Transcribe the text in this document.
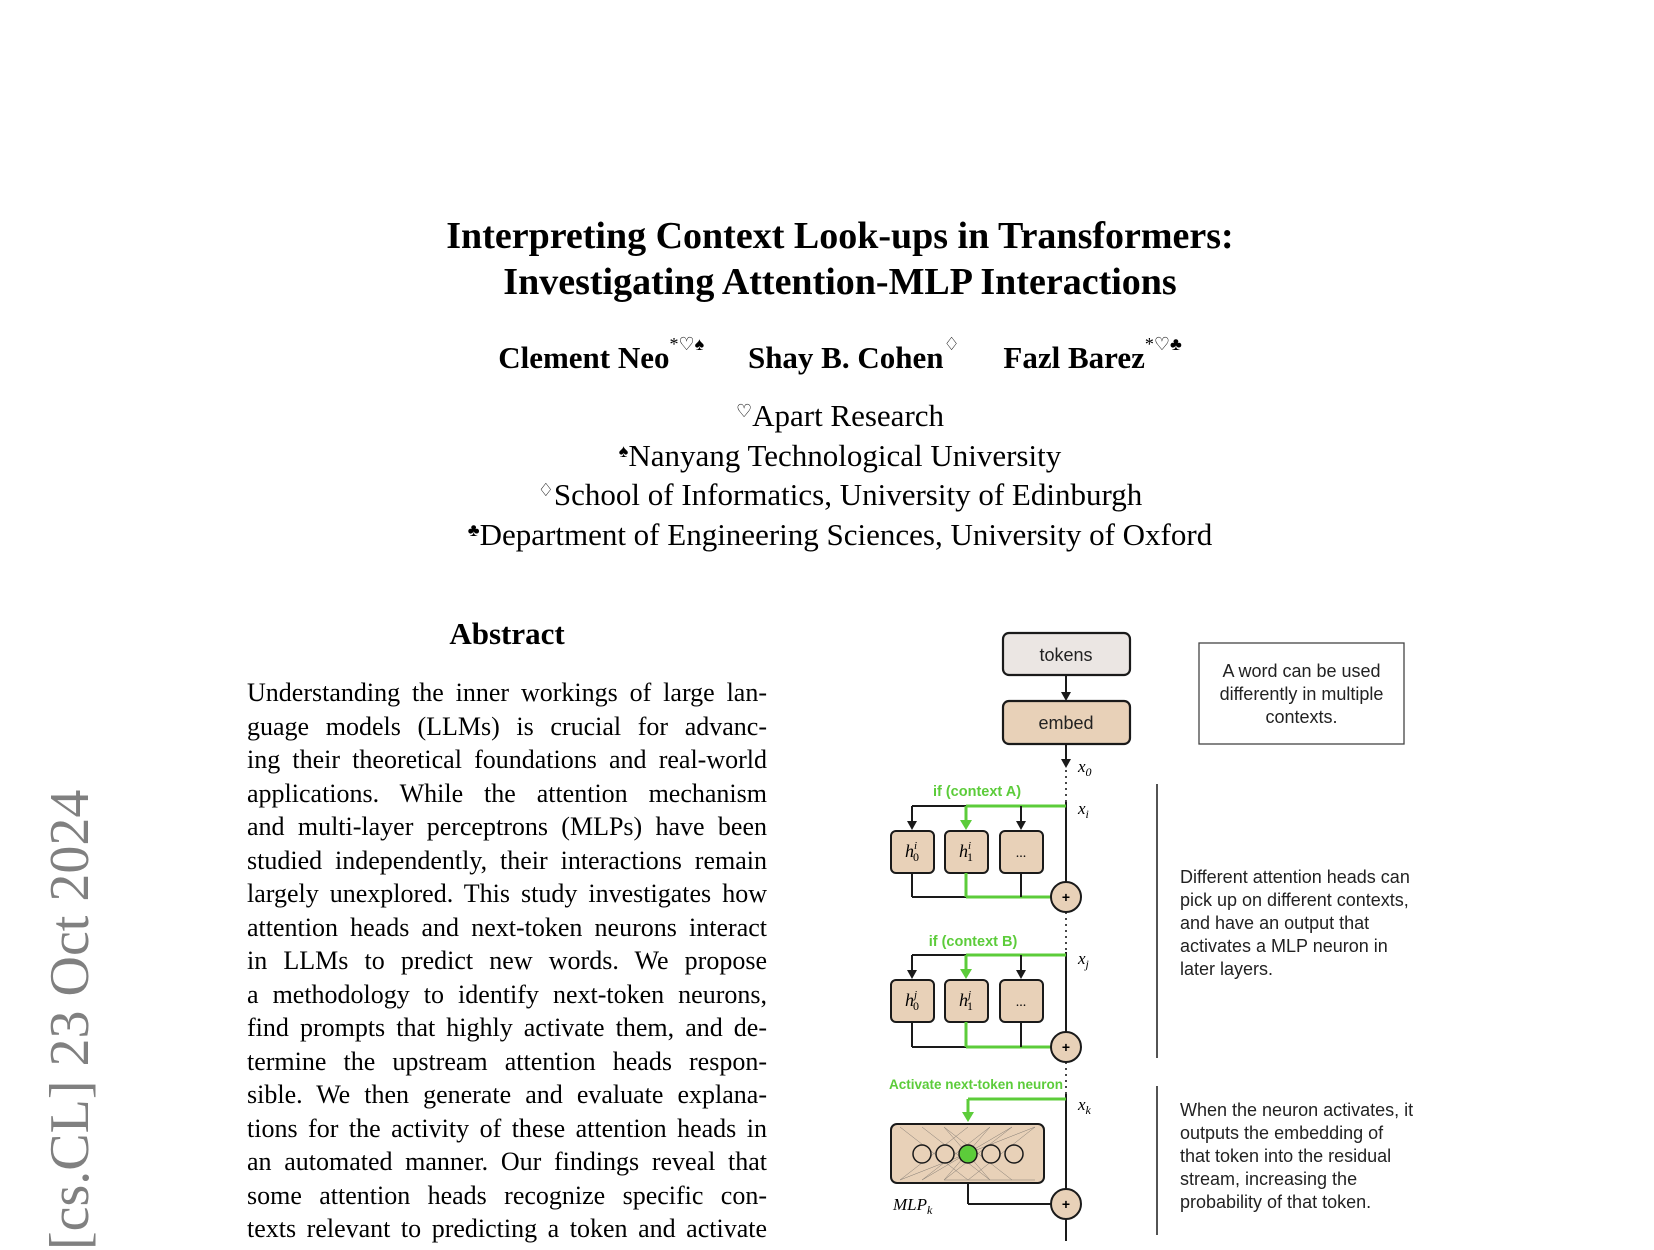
[cs.CL] 23 Oct 2024
Interpreting Context Look-ups in Transformers:
Investigating Attention-MLP Interactions
Clement Neo*♡♠ Shay B. Cohen♢ Fazl Barez*♡♣
♡Apart Research
♠Nanyang Technological University
♢School of Informatics, University of Edinburgh
♣Department of Engineering Sciences, University of Oxford
Abstract
Understanding the inner workings of large lan-
guage models (LLMs) is crucial for advanc-
ing their theoretical foundations and real-world
applications. While the attention mechanism
and multi-layer perceptrons (MLPs) have been
studied independently, their interactions remain
largely unexplored. This study investigates how
attention heads and next-token neurons interact
in LLMs to predict new words. We propose
a methodology to identify next-token neurons,
find prompts that highly activate them, and de-
termine the upstream attention heads respon-
sible. We then generate and evaluate explana-
tions for the activity of these attention heads in
an automated manner. Our findings reveal that
some attention heads recognize specific con-
texts relevant to predicting a token and activate
tokens
embed
$x_0$
$x_i$
if (context A)
$h^i$ 0 $h^i$ 1	...
+
$x_j$
if (context B)
$h^j$ 0 $h^j$ 1	...
+
$x_k$
Activate next-token neuron
$MLP_k$	+
A word can be used
differently in multiple
contexts.
Different attention heads can
pick up on different contexts,
and have an output that
activates a MLP neuron in
later layers.
When the neuron activates, it
outputs the embedding of
that token into the residual
stream, increasing the
probability of that token.
